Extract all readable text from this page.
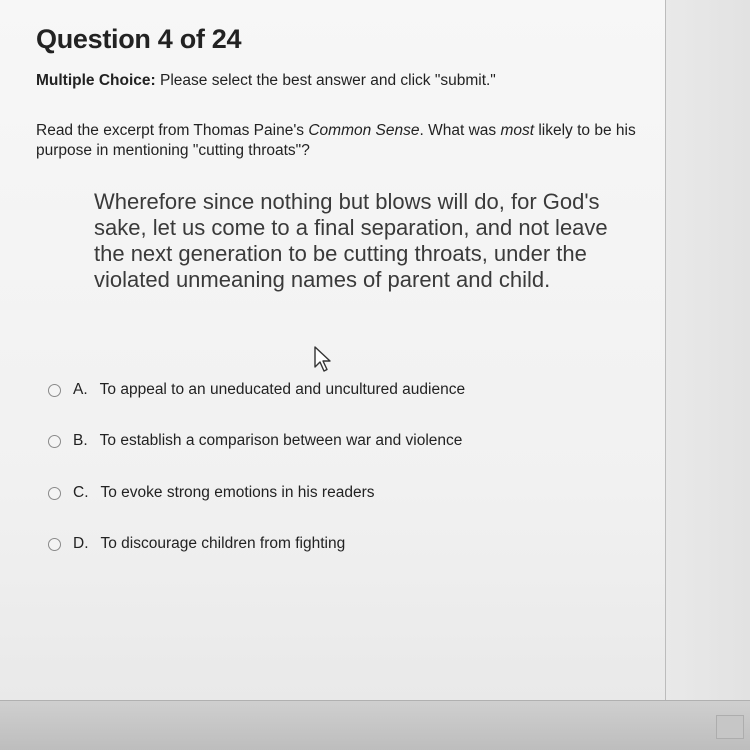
Question 4 of 24
Multiple Choice: Please select the best answer and click "submit."
Read the excerpt from Thomas Paine's Common Sense. What was most likely to be his purpose in mentioning "cutting throats"?
Wherefore since nothing but blows will do, for God's sake, let us come to a final separation, and not leave the next generation to be cutting throats, under the violated unmeaning names of parent and child.
A. To appeal to an uneducated and uncultured audience
B. To establish a comparison between war and violence
C. To evoke strong emotions in his readers
D. To discourage children from fighting
